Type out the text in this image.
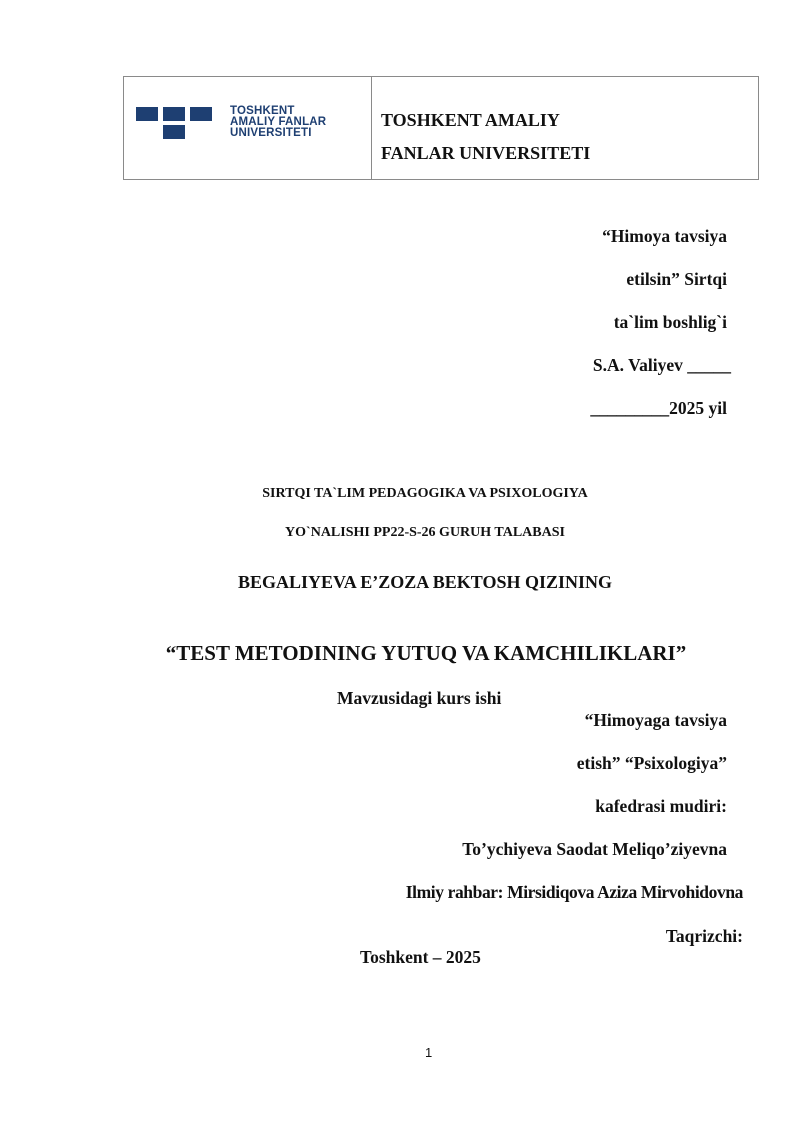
TOSHKENT
AMALIY FANLAR
UNIVERSITETI
TOSHKENT AMALIY
FANLAR UNIVERSITETI
“Himoya tavsiya
etilsin” Sirtqi
ta`lim boshlig`i
S.A. Valiyev _____
_________2025 yil
SIRTQI TA`LIM PEDAGOGIKA VA PSIXOLOGIYA
YO`NALISHI PP22-S-26 GURUH TALABASI
BEGALIYEVA E’ZOZA BEKTOSH QIZINING
“TEST METODINING YUTUQ VA KAMCHILIKLARI”
Mavzusidagi kurs ishi
“Himoyaga tavsiya
etish” “Psixologiya”
kafedrasi mudiri:
To’ychiyeva Saodat Meliqo’ziyevna
Ilmiy rahbar: Mirsidiqova Aziza Mirvohidovna
Taqrizchi:
Toshkent – 2025
1
